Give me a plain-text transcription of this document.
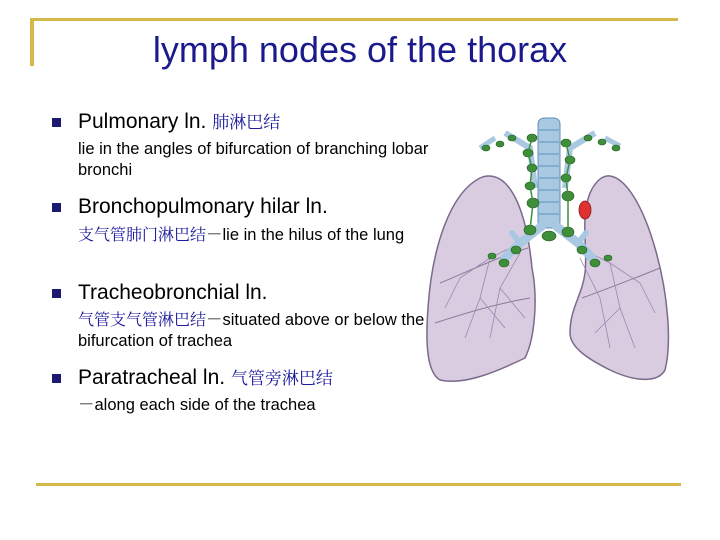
lymph nodes of the thorax
Pulmonary ln. 肺淋巴结
lie in the angles of bifurcation of branching lobar bronchi
Bronchopulmonary hilar ln.
支气管肺门淋巴结－lie in the hilus of the lung
Tracheobronchial ln.
气管支气管淋巴结－situated above or below the bifurcation of trachea
Paratracheal ln. 气管旁淋巴结
－along each side of the trachea
